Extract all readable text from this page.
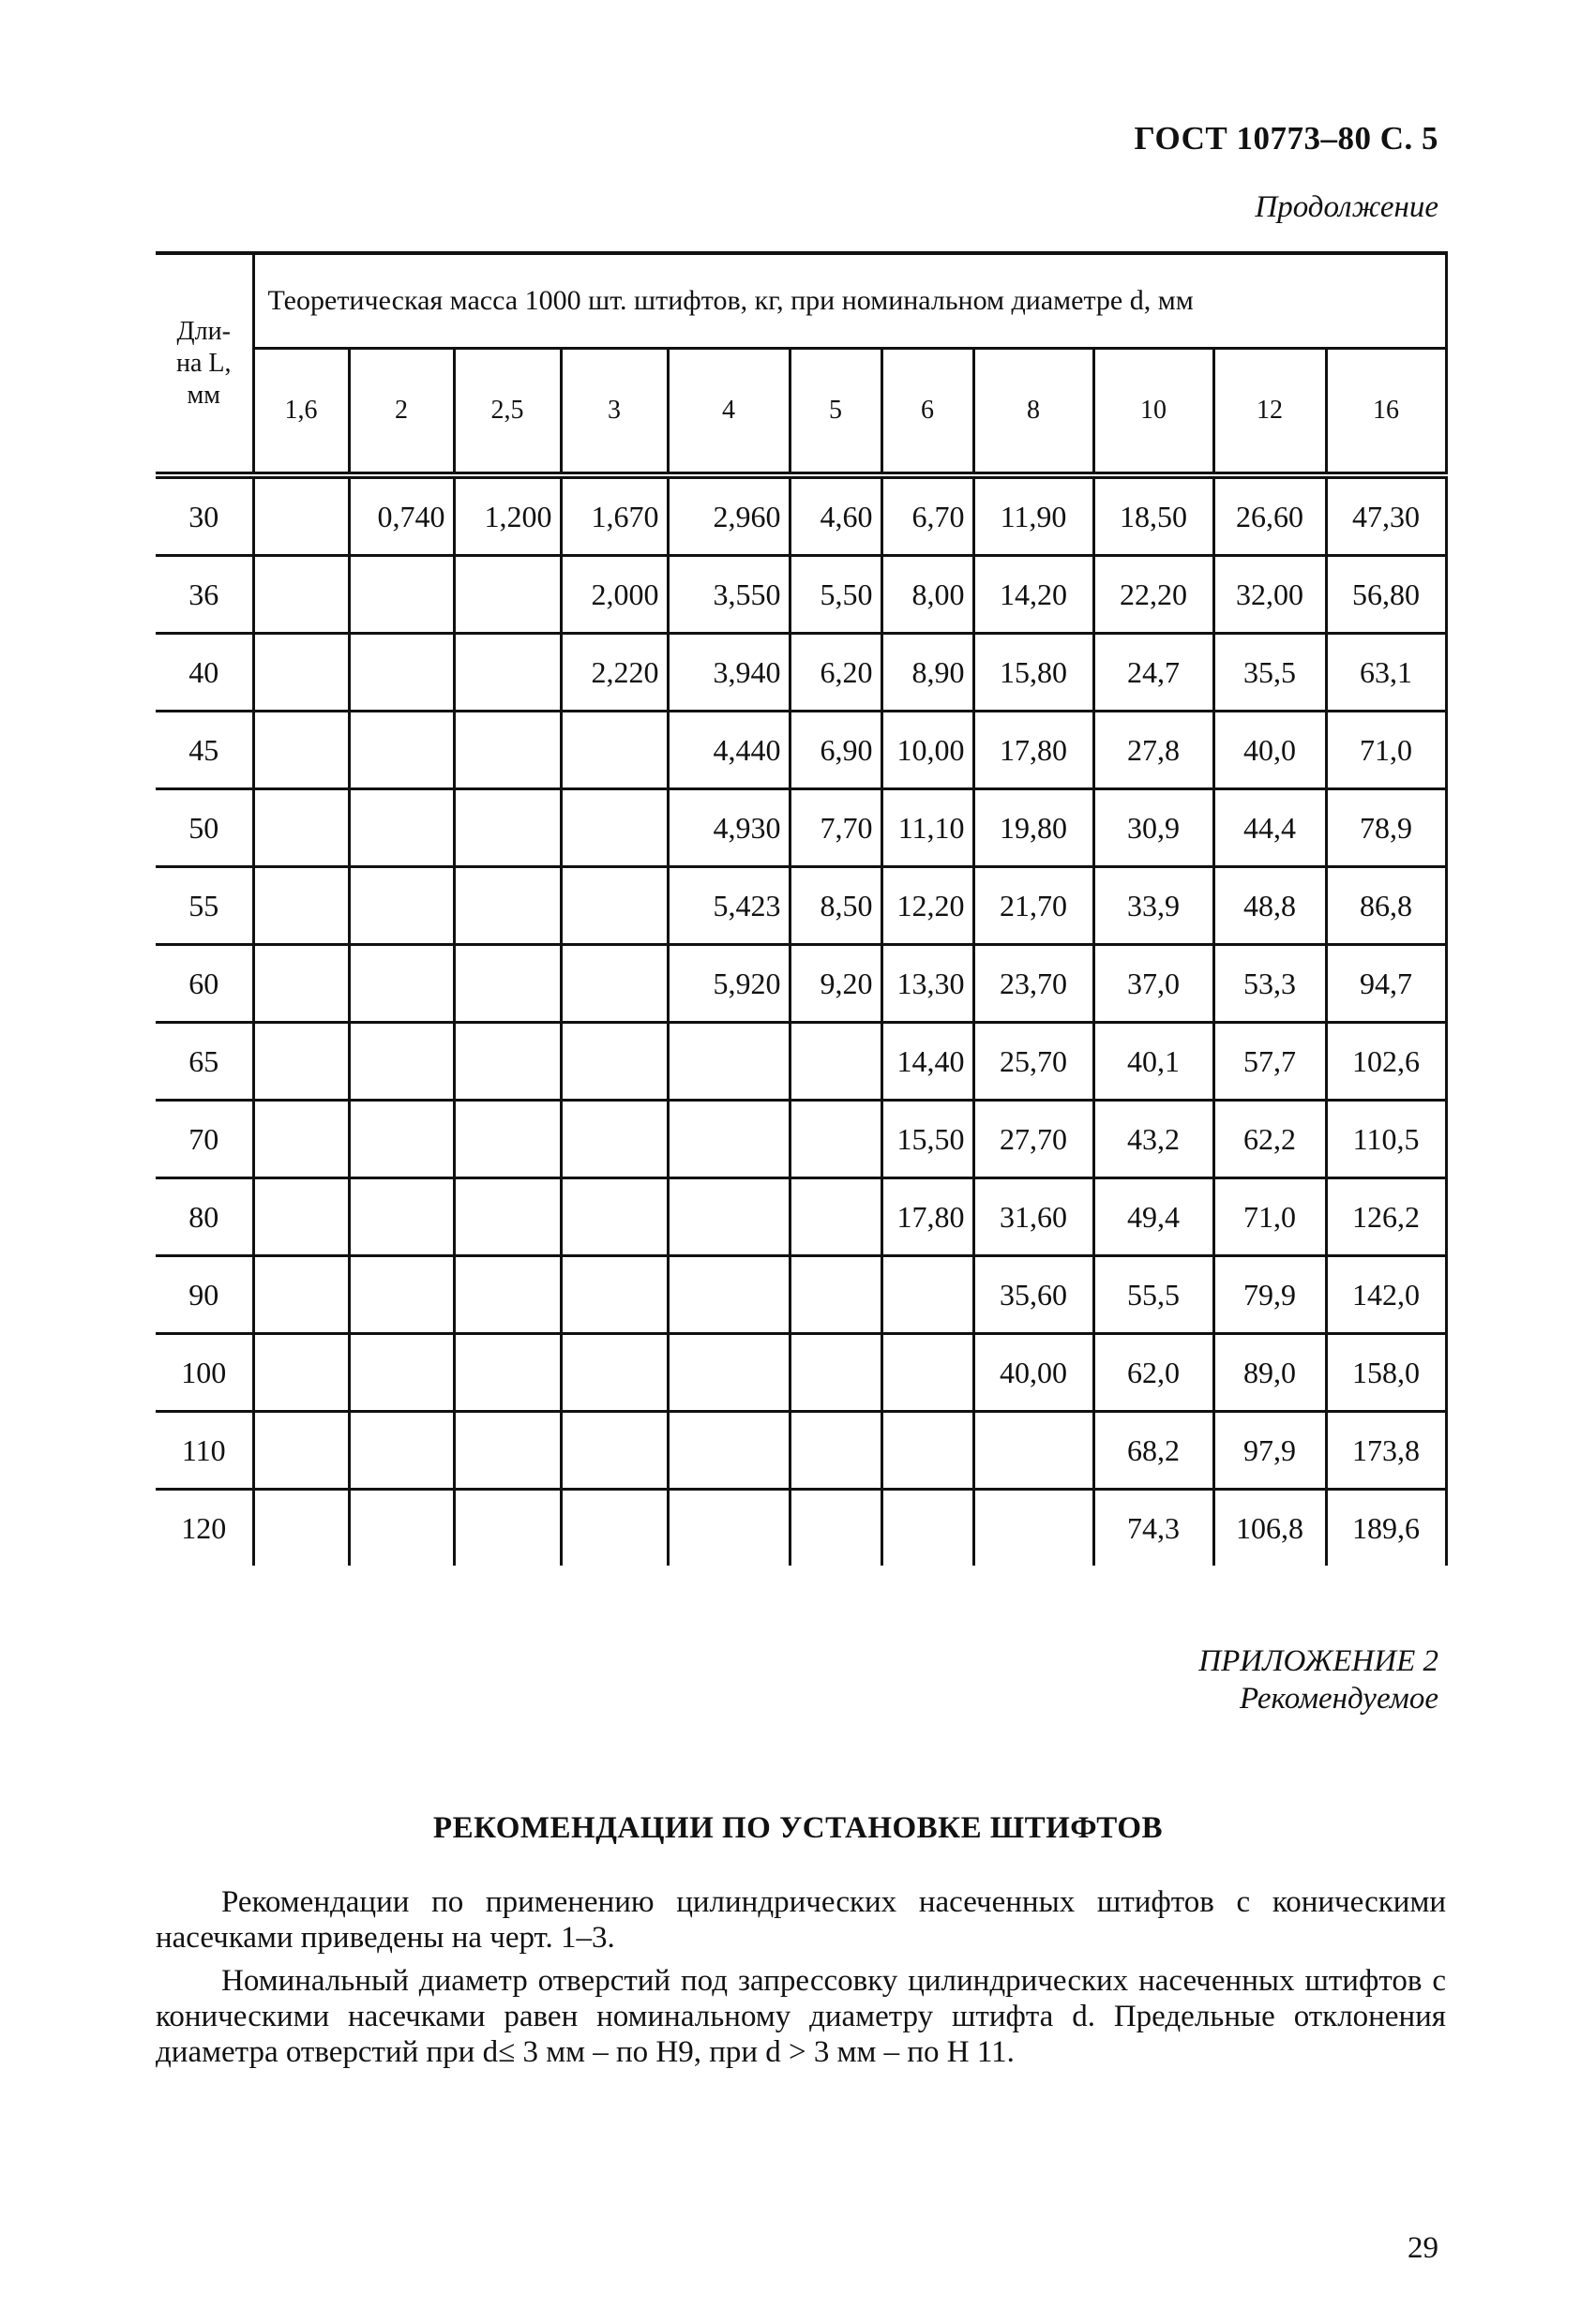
ГОСТ 10773–80 С. 5
Продолжение
Дли-
на L,
мм	Теоретическая масса 1000 шт. штифтов, кг, при номинальном диаметре d, мм										
	1,6	2	2,5	3	4	5	6	8	10	12	16
30		0,740	1,200	1,670	2,960	4,60	6,70	11,90	18,50	26,60	47,30
36				2,000	3,550	5,50	8,00	14,20	22,20	32,00	56,80
40				2,220	3,940	6,20	8,90	15,80	24,7	35,5	63,1
45					4,440	6,90	10,00	17,80	27,8	40,0	71,0
50					4,930	7,70	11,10	19,80	30,9	44,4	78,9
55					5,423	8,50	12,20	21,70	33,9	48,8	86,8
60					5,920	9,20	13,30	23,70	37,0	53,3	94,7
65							14,40	25,70	40,1	57,7	102,6
70							15,50	27,70	43,2	62,2	110,5
80							17,80	31,60	49,4	71,0	126,2
90								35,60	55,5	79,9	142,0
100								40,00	62,0	89,0	158,0
110									68,2	97,9	173,8
120									74,3	106,8	189,6
ПРИЛОЖЕНИЕ 2
Рекомендуемое
РЕКОМЕНДАЦИИ ПО УСТАНОВКЕ ШТИФТОВ

Рекомендации по применению цилиндрических насеченных штифтов с коническими насечками приведены на черт. 1–3.

Номинальный диаметр отверстий под запрессовку цилиндрических насеченных штифтов с коническими насечками равен номинальному диаметру штифта d. Предельные отклонения диаметра отверстий при d≤ 3 мм – по Н9, при d > 3 мм – по Н 11.

29
